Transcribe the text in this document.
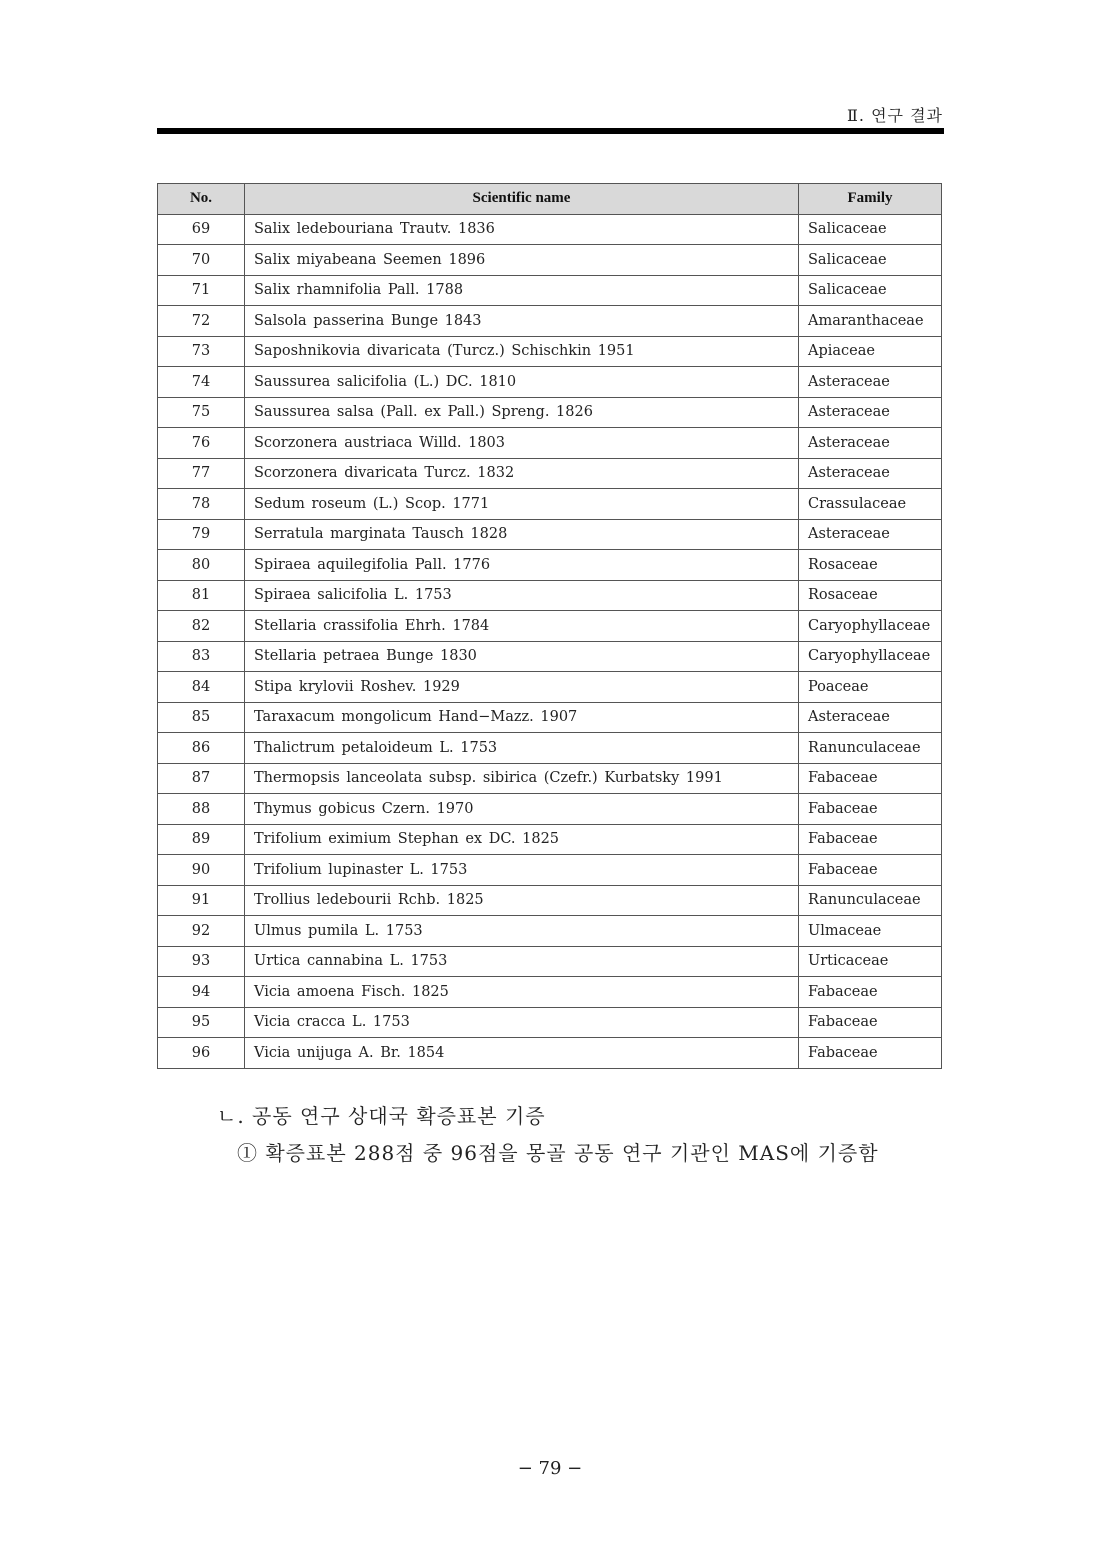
Ⅱ. 연구 결과
No.	Scientific name	Family
69	Salix ledebouriana Trautv. 1836	Salicaceae
70	Salix miyabeana Seemen 1896	Salicaceae
71	Salix rhamnifolia Pall. 1788	Salicaceae
72	Salsola passerina Bunge 1843	Amaranthaceae
73	Saposhnikovia divaricata (Turcz.) Schischkin 1951	Apiaceae
74	Saussurea salicifolia (L.) DC. 1810	Asteraceae
75	Saussurea salsa (Pall. ex Pall.) Spreng. 1826	Asteraceae
76	Scorzonera austriaca Willd. 1803	Asteraceae
77	Scorzonera divaricata Turcz. 1832	Asteraceae
78	Sedum roseum (L.) Scop. 1771	Crassulaceae
79	Serratula marginata Tausch 1828	Asteraceae
80	Spiraea aquilegifolia Pall. 1776	Rosaceae
81	Spiraea salicifolia L. 1753	Rosaceae
82	Stellaria crassifolia Ehrh. 1784	Caryophyllaceae
83	Stellaria petraea Bunge 1830	Caryophyllaceae
84	Stipa krylovii Roshev. 1929	Poaceae
85	Taraxacum mongolicum Hand−Mazz. 1907	Asteraceae
86	Thalictrum petaloideum L. 1753	Ranunculaceae
87	Thermopsis lanceolata subsp. sibirica (Czefr.) Kurbatsky 1991	Fabaceae
88	Thymus gobicus Czern. 1970	Fabaceae
89	Trifolium eximium Stephan ex DC. 1825	Fabaceae
90	Trifolium lupinaster L. 1753	Fabaceae
91	Trollius ledebourii Rchb. 1825	Ranunculaceae
92	Ulmus pumila L. 1753	Ulmaceae
93	Urtica cannabina L. 1753	Urticaceae
94	Vicia amoena Fisch. 1825	Fabaceae
95	Vicia cracca L. 1753	Fabaceae
96	Vicia unijuga A. Br. 1854	Fabaceae
ㄴ. 공동 연구 상대국 확증표본 기증
① 확증표본 288점 중 96점을 몽골 공동 연구 기관인 MAS에 기증함
− 79 −
